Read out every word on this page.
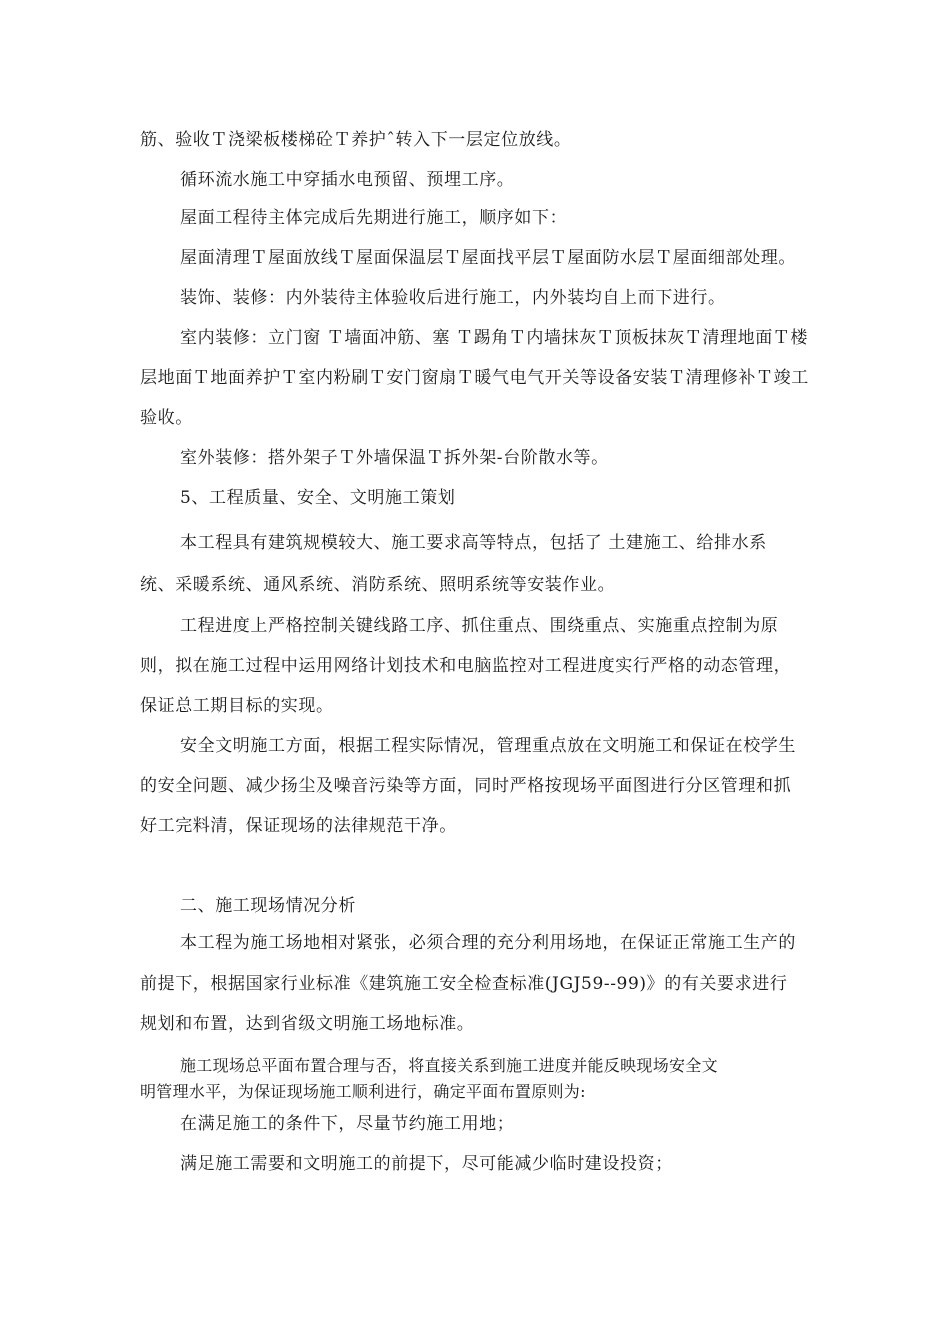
筋、验收Ｔ浇梁板楼梯砼Ｔ养护ˆ转入下一层定位放线。
循环流水施工中穿插水电预留、预埋工序。
屋面工程待主体完成后先期进行施工，顺序如下：
屋面清理Ｔ屋面放线Ｔ屋面保温层Ｔ屋面找平层Ｔ屋面防水层Ｔ屋面细部处理。
装饰、装修：内外装待主体验收后进行施工，内外装均自上而下进行。
室内装修：立门窗 Ｔ墙面冲筋、塞 Ｔ踢角Ｔ内墙抹灰Ｔ顶板抹灰Ｔ清理地面Ｔ楼
层地面Ｔ地面养护Ｔ室内粉刷Ｔ安门窗扇Ｔ暖气电气开关等设备安装Ｔ清理修补Ｔ竣工
验收。
室外装修：搭外架子Ｔ外墙保温Ｔ拆外架-台阶散水等。
5、工程质量、安全、文明施工策划
本工程具有建筑规模较大、施工要求高等特点，包括了 土建施工、给排水系
统、采暖系统、通风系统、消防系统、照明系统等安装作业。
工程进度上严格控制关键线路工序、抓住重点、围绕重点、实施重点控制为原
则，拟在施工过程中运用网络计划技术和电脑监控对工程进度实行严格的动态管理，
保证总工期目标的实现。
安全文明施工方面，根据工程实际情况，管理重点放在文明施工和保证在校学生
的安全问题、减少扬尘及噪音污染等方面，同时严格按现场平面图进行分区管理和抓
好工完料清，保证现场的法律规范干净。
二、施工现场情况分析
本工程为施工场地相对紧张，必须合理的充分利用场地，在保证正常施工生产的
前提下，根据国家行业标准《建筑施工安全检查标准(JGJ59--99)》的有关要求进行
规划和布置，达到省级文明施工场地标准。
施工现场总平面布置合理与否，将直接关系到施工进度并能反映现场安全文
明管理水平，为保证现场施工顺利进行，确定平面布置原则为:
在满足施工的条件下，尽量节约施工用地；
满足施工需要和文明施工的前提下，尽可能减少临时建设投资；
